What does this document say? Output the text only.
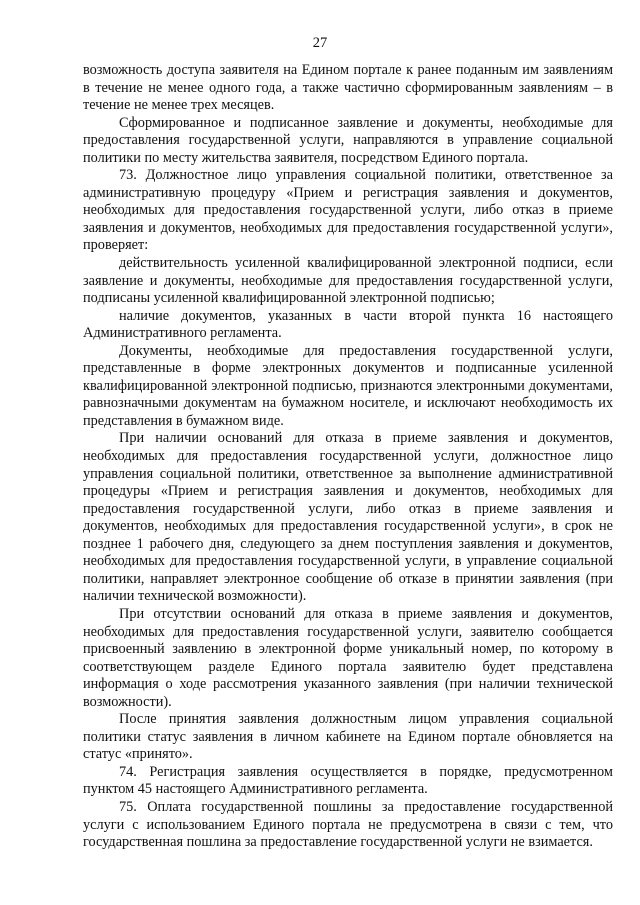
27

возможность доступа заявителя на Едином портале к ранее поданным им заявлениям в течение не менее одного года, а также частично сформированным заявлениям – в течение не менее трех месяцев.

Сформированное и подписанное заявление и документы, необходимые для предоставления государственной услуги, направляются в управление социальной политики по месту жительства заявителя, посредством Единого портала.

73. Должностное лицо управления социальной политики, ответственное за административную процедуру «Прием и регистрация заявления и документов, необходимых для предоставления государственной услуги, либо отказ в приеме заявления и документов, необходимых для предоставления государственной услуги», проверяет:

действительность усиленной квалифицированной электронной подписи, если заявление и документы, необходимые для предоставления государственной услуги, подписаны усиленной квалифицированной электронной подписью;

наличие документов, указанных в части второй пункта 16 настоящего Административного регламента.

Документы, необходимые для предоставления государственной услуги, представленные в форме электронных документов и подписанные усиленной квалифицированной электронной подписью, признаются электронными документами, равнозначными документам на бумажном носителе, и исключают необходимость их представления в бумажном виде.

При наличии оснований для отказа в приеме заявления и документов, необходимых для предоставления государственной услуги, должностное лицо управления социальной политики, ответственное за выполнение административной процедуры «Прием и регистрация заявления и документов, необходимых для предоставления государственной услуги, либо отказ в приеме заявления и документов, необходимых для предоставления государственной услуги», в срок не позднее 1 рабочего дня, следующего за днем поступления заявления и документов, необходимых для предоставления государственной услуги, в управление социальной политики, направляет электронное сообщение об отказе в принятии заявления (при наличии технической возможности).

При отсутствии оснований для отказа в приеме заявления и документов, необходимых для предоставления государственной услуги, заявителю сообщается присвоенный заявлению в электронной форме уникальный номер, по которому в соответствующем разделе Единого портала заявителю будет представлена информация о ходе рассмотрения указанного заявления (при наличии технической возможности).

После принятия заявления должностным лицом управления социальной политики статус заявления в личном кабинете на Едином портале обновляется на статус «принято».

74. Регистрация заявления осуществляется в порядке, предусмотренном пунктом 45 настоящего Административного регламента.

75. Оплата государственной пошлины за предоставление государственной услуги с использованием Единого портала не предусмотрена в связи с тем, что государственная пошлина за предоставление государственной услуги не взимается.
